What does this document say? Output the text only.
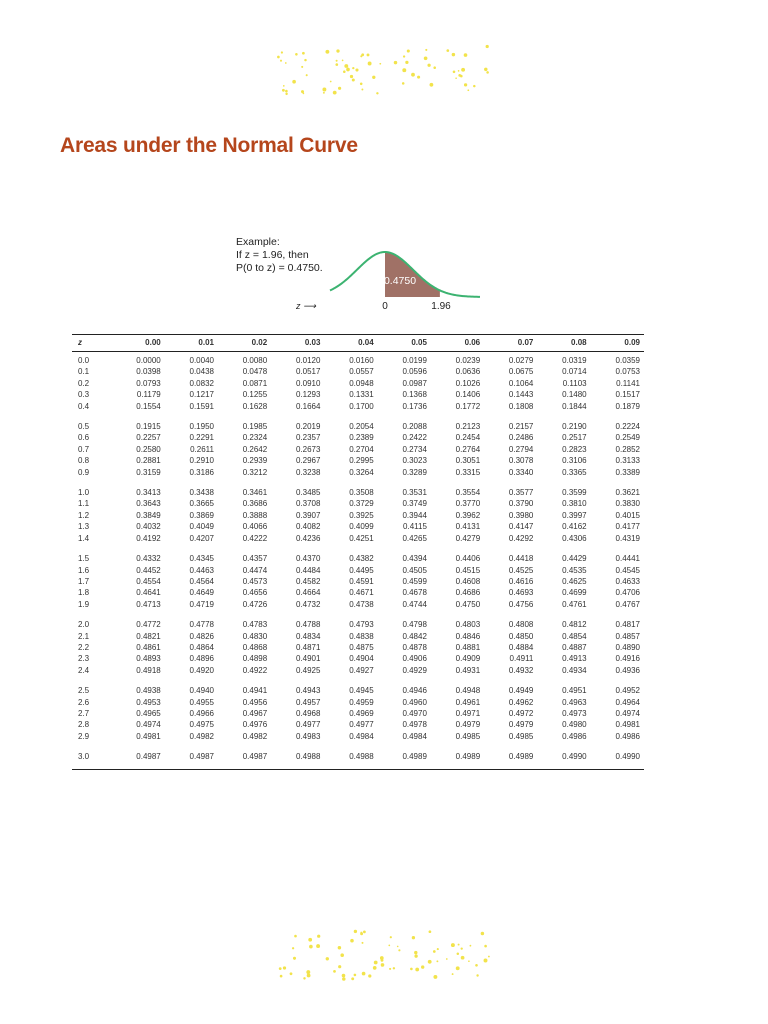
Areas under the Normal Curve
Example:
If z = 1.96, then
P(0 to z) = 0.4750.
0.4750
z ⟶	0	1.96
z	0.00	0.01	0.02	0.03	0.04	0.05	0.06	0.07	0.08	0.09
0.0	0.0000	0.0040	0.0080	0.0120	0.0160	0.0199	0.0239	0.0279	0.0319	0.0359
0.1	0.0398	0.0438	0.0478	0.0517	0.0557	0.0596	0.0636	0.0675	0.0714	0.0753
0.2	0.0793	0.0832	0.0871	0.0910	0.0948	0.0987	0.1026	0.1064	0.1103	0.1141
0.3	0.1179	0.1217	0.1255	0.1293	0.1331	0.1368	0.1406	0.1443	0.1480	0.1517
0.4	0.1554	0.1591	0.1628	0.1664	0.1700	0.1736	0.1772	0.1808	0.1844	0.1879

0.5	0.1915	0.1950	0.1985	0.2019	0.2054	0.2088	0.2123	0.2157	0.2190	0.2224
0.6	0.2257	0.2291	0.2324	0.2357	0.2389	0.2422	0.2454	0.2486	0.2517	0.2549
0.7	0.2580	0.2611	0.2642	0.2673	0.2704	0.2734	0.2764	0.2794	0.2823	0.2852
0.8	0.2881	0.2910	0.2939	0.2967	0.2995	0.3023	0.3051	0.3078	0.3106	0.3133
0.9	0.3159	0.3186	0.3212	0.3238	0.3264	0.3289	0.3315	0.3340	0.3365	0.3389

1.0	0.3413	0.3438	0.3461	0.3485	0.3508	0.3531	0.3554	0.3577	0.3599	0.3621
1.1	0.3643	0.3665	0.3686	0.3708	0.3729	0.3749	0.3770	0.3790	0.3810	0.3830
1.2	0.3849	0.3869	0.3888	0.3907	0.3925	0.3944	0.3962	0.3980	0.3997	0.4015
1.3	0.4032	0.4049	0.4066	0.4082	0.4099	0.4115	0.4131	0.4147	0.4162	0.4177
1.4	0.4192	0.4207	0.4222	0.4236	0.4251	0.4265	0.4279	0.4292	0.4306	0.4319

1.5	0.4332	0.4345	0.4357	0.4370	0.4382	0.4394	0.4406	0.4418	0.4429	0.4441
1.6	0.4452	0.4463	0.4474	0.4484	0.4495	0.4505	0.4515	0.4525	0.4535	0.4545
1.7	0.4554	0.4564	0.4573	0.4582	0.4591	0.4599	0.4608	0.4616	0.4625	0.4633
1.8	0.4641	0.4649	0.4656	0.4664	0.4671	0.4678	0.4686	0.4693	0.4699	0.4706
1.9	0.4713	0.4719	0.4726	0.4732	0.4738	0.4744	0.4750	0.4756	0.4761	0.4767

2.0	0.4772	0.4778	0.4783	0.4788	0.4793	0.4798	0.4803	0.4808	0.4812	0.4817
2.1	0.4821	0.4826	0.4830	0.4834	0.4838	0.4842	0.4846	0.4850	0.4854	0.4857
2.2	0.4861	0.4864	0.4868	0.4871	0.4875	0.4878	0.4881	0.4884	0.4887	0.4890
2.3	0.4893	0.4896	0.4898	0.4901	0.4904	0.4906	0.4909	0.4911	0.4913	0.4916
2.4	0.4918	0.4920	0.4922	0.4925	0.4927	0.4929	0.4931	0.4932	0.4934	0.4936

2.5	0.4938	0.4940	0.4941	0.4943	0.4945	0.4946	0.4948	0.4949	0.4951	0.4952
2.6	0.4953	0.4955	0.4956	0.4957	0.4959	0.4960	0.4961	0.4962	0.4963	0.4964
2.7	0.4965	0.4966	0.4967	0.4968	0.4969	0.4970	0.4971	0.4972	0.4973	0.4974
2.8	0.4974	0.4975	0.4976	0.4977	0.4977	0.4978	0.4979	0.4979	0.4980	0.4981
2.9	0.4981	0.4982	0.4982	0.4983	0.4984	0.4984	0.4985	0.4985	0.4986	0.4986

3.0	0.4987	0.4987	0.4987	0.4988	0.4988	0.4989	0.4989	0.4989	0.4990	0.4990
